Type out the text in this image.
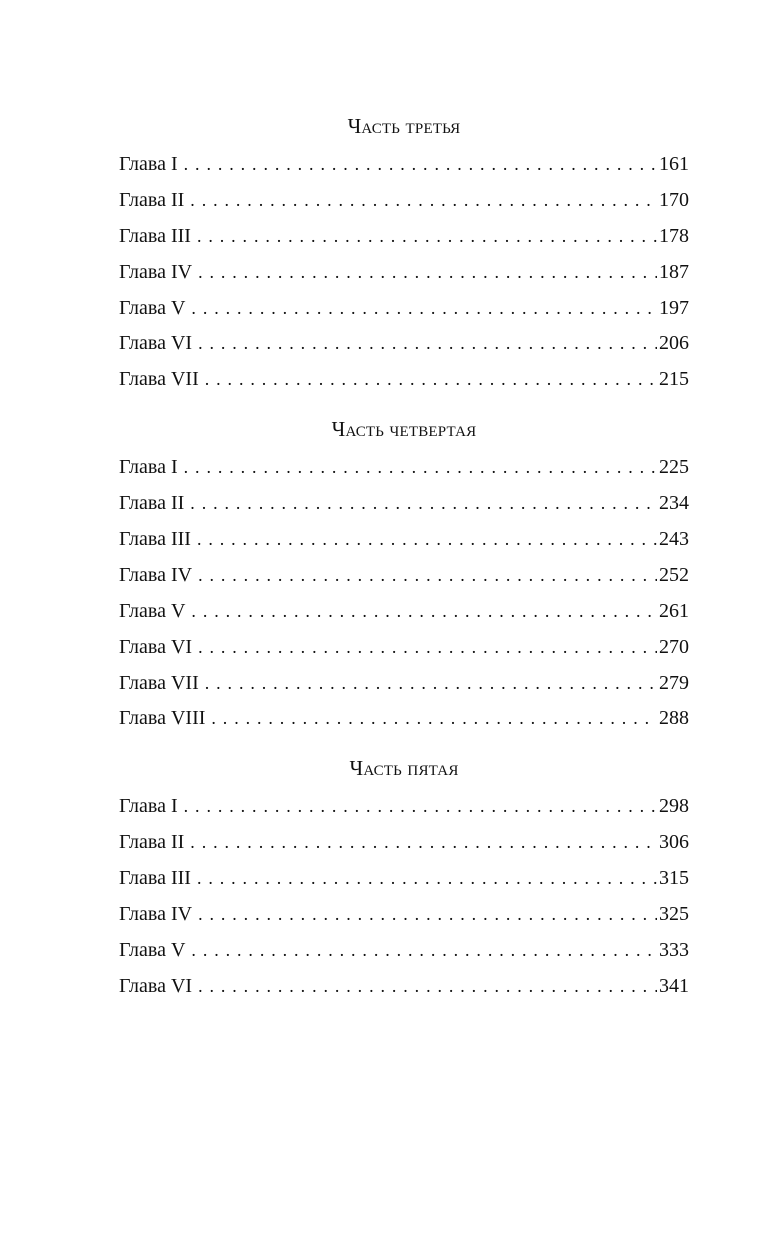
Часть третья
Глава I . . .	161
Глава II . . .	170
Глава III . . .	178
Глава IV . . .	187
Глава V . . .	197
Глава VI . . .	206
Глава VII . . .	215
Часть четвертая
Глава I . . .	225
Глава II . . .	234
Глава III . . .	243
Глава IV . . .	252
Глава V . . .	261
Глава VI . . .	270
Глава VII . . .	279
Глава VIII . . .	288
Часть пятая
Глава I . . .	298
Глава II . . .	306
Глава III . . .	315
Глава IV . . .	325
Глава V . . .	333
Глава VI . . .	341
